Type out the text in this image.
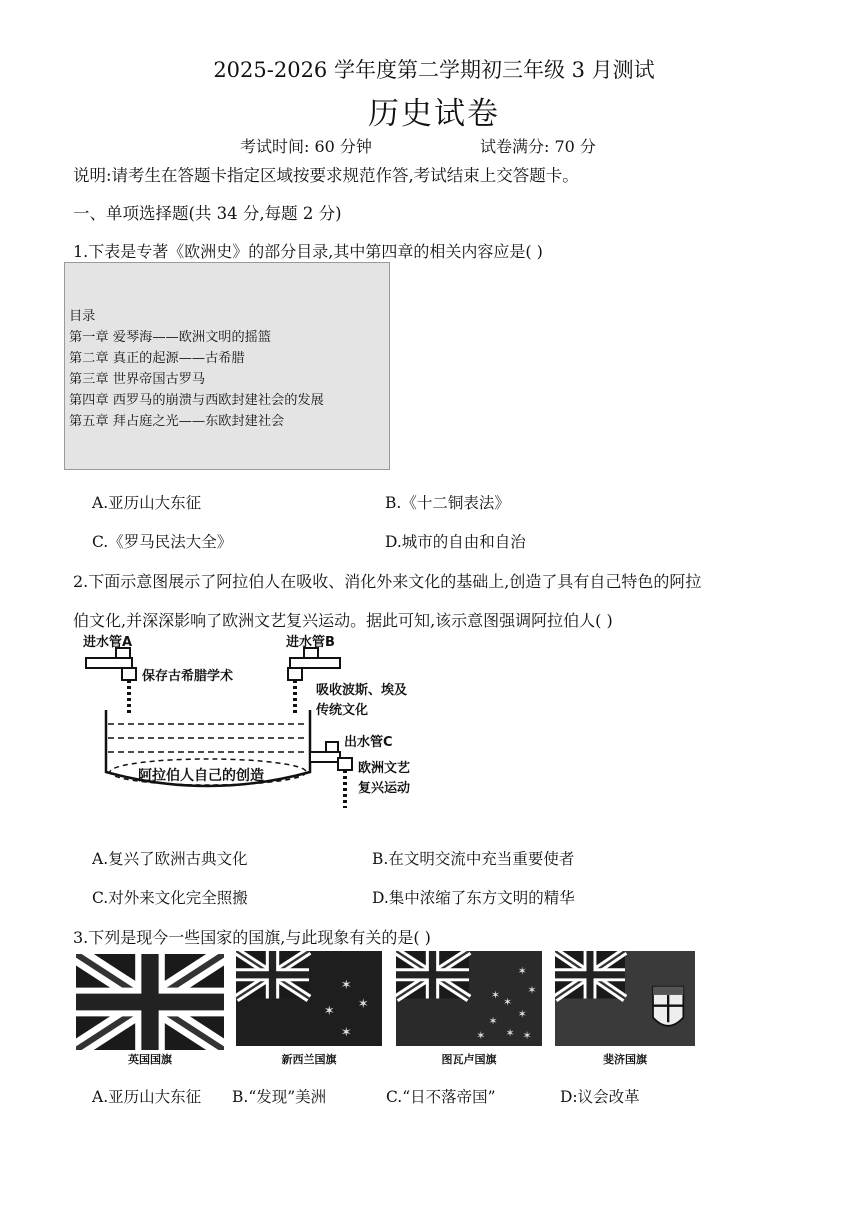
2025-2026 学年度第二学期初三年级 3 月测试
历史试卷
考试时间: 60 分钟	试卷满分: 70 分
说明:请考生在答题卡指定区域按要求规范作答,考试结束上交答题卡。
一、单项选择题(共 34 分,每题 2 分)
1.下表是专著《欧洲史》的部分目录,其中第四章的相关内容应是( )
目录
第一章 爱琴海——欧洲文明的摇篮
第二章 真正的起源——古希腊
第三章 世界帝国古罗马
第四章 西罗马的崩溃与西欧封建社会的发展
第五章 拜占庭之光——东欧封建社会
A.亚历山大东征	B.《十二铜表法》
C.《罗马民法大全》	D.城市的自由和自治
2.下面示意图展示了阿拉伯人在吸收、消化外来文化的基础上,创造了具有自己特色的阿拉
伯文化,并深深影响了欧洲文艺复兴运动。据此可知,该示意图强调阿拉伯人( )
进水管A
保存古希腊学术
进水管B
吸收波斯、埃及
传统文化
阿拉伯人自己的创造
出水管C
欧洲文艺
复兴运动
A.复兴了欧洲古典文化	B.在文明交流中充当重要使者
C.对外来文化完全照搬	D.集中浓缩了东方文明的精华
3.下列是现今一些国家的国旗,与此现象有关的是( )
英国国旗
✶
✶
✶
✶
新西兰国旗
✶
✶
✶
✶
✶
✶ ✶
✶
✶
图瓦卢国旗	斐济国旗
A.亚历山大东征 B.“发现”美洲	C.“日不落帝国”	D:议会改革
